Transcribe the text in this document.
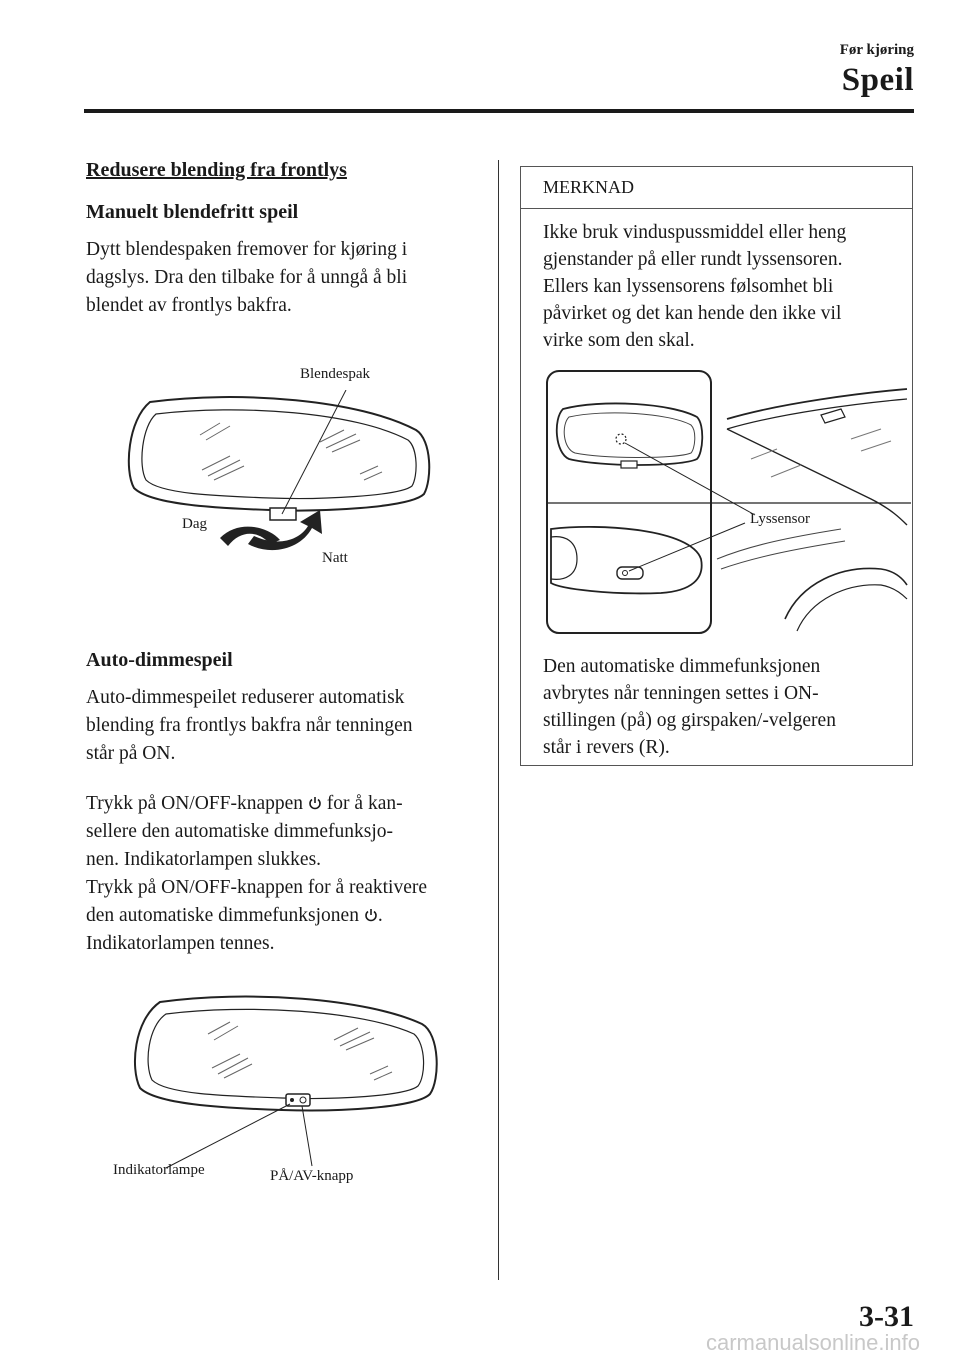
Før kjøring
Speil
Redusere blending fra frontlys
Manuelt blendefritt speil
Dytt blendespaken fremover for kjøring i
dagslys. Dra den tilbake for å unngå å bli
blendet av frontlys bakfra.
Blendespak
Dag
Natt
Auto-dimmespeil
Auto-dimmespeilet reduserer automatisk
blending fra frontlys bakfra når tenningen
står på ON.
Trykk på ON/OFF-knappen  for å kan-
sellere den automatiske dimmefunksjo-
nen. Indikatorlampen slukkes.
Trykk på ON/OFF-knappen for å reaktivere
den automatiske dimmefunksjonen .
Indikatorlampen tennes.
Indikatorlampe	PÅ/AV-knapp
MERKNAD
Ikke bruk vinduspussmiddel eller heng
gjenstander på eller rundt lyssensoren.
Ellers kan lyssensorens følsomhet bli
påvirket og det kan hende den ikke vil
virke som den skal.
Lyssensor
Den automatiske dimmefunksjonen
avbrytes når tenningen settes i ON-
stillingen (på) og girspaken/-velgeren
står i revers (R).
3-31
carmanualsonline.info
